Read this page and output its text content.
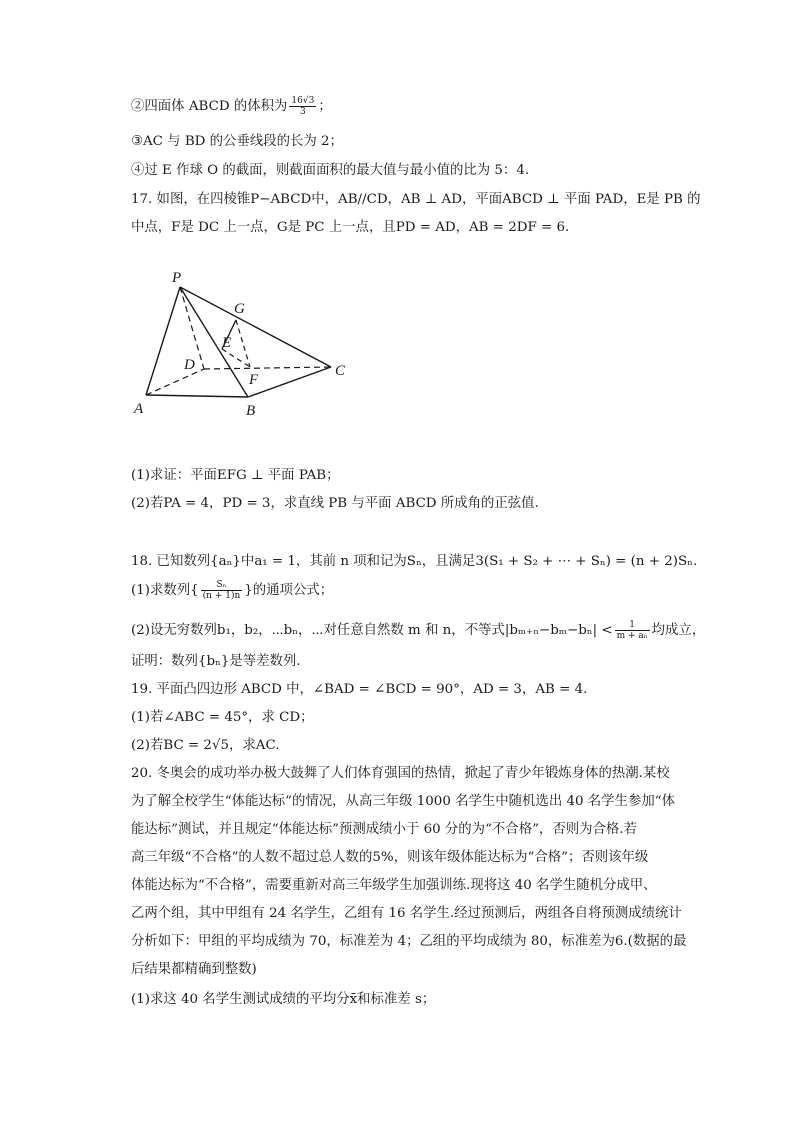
②四面体 ABCD 的体积为 $\frac{16√3}{3}$ ；
③AC 与 BD 的公垂线段的长为 2；
④过 E 作球 O 的截面，则截面面积的最大值与最小值的比为 5：4.
17. 如图，在四棱锥P−ABCD中，AB//CD，AB ⊥ AD，平面ABCD ⊥ 平面 PAD，E是 PB 的
中点，F是 DC 上一点，G是 PC 上一点，且PD = AD，AB = 2DF = 6.
P
G
E
D
F
C
A	B
(1)求证：平面EFG ⊥ 平面 PAB；
(2)若PA = 4，PD = 3，求直线 PB 与平面 ABCD 所成角的正弦值.
18. 已知数列{aₙ}中a₁ = 1，其前 n 项和记为Sₙ，且满足3(S₁ + S₂ + ⋯ + Sₙ) = (n + 2)Sₙ.
(1)求数列{ $\frac{\text{Sₙ}}{(n + 1)n}$ }的通项公式；
(2)设无穷数列b₁，b₂，⋯bₙ，⋯对任意自然数 m 和 n，不等式$|b_{m+n}-b_m-b_n| < \frac{1}{\text{m + aₙ}}$ 均成立，
证明：数列{bₙ}是等差数列.
19. 平面凸四边形 ABCD 中，∠BAD = ∠BCD = 90°，AD = 3，AB = 4.
(1)若∠ABC = 45°，求 CD；
(2)若BC = 2√5，求AC.
20. 冬奥会的成功举办极大鼓舞了人们体育强国的热情，掀起了青少年锻炼身体的热潮.某校
为了解全校学生“体能达标”的情况，从高三年级 1000 名学生中随机选出 40 名学生参加“体
能达标”测试，并且规定“体能达标”预测成绩小于 60 分的为“不合格”，否则为合格.若
高三年级“不合格”的人数不超过总人数的5%，则该年级体能达标为“合格”；否则该年级
体能达标为“不合格”，需要重新对高三年级学生加强训练.现将这 40 名学生随机分成甲、
乙两个组，其中甲组有 24 名学生，乙组有 16 名学生.经过预测后，两组各自将预测成绩统计
分析如下：甲组的平均成绩为 70，标准差为 4；乙组的平均成绩为 80，标准差为6.(数据的最
后结果都精确到整数)
(1)求这 40 名学生测试成绩的平均分x̄和标准差 s；
